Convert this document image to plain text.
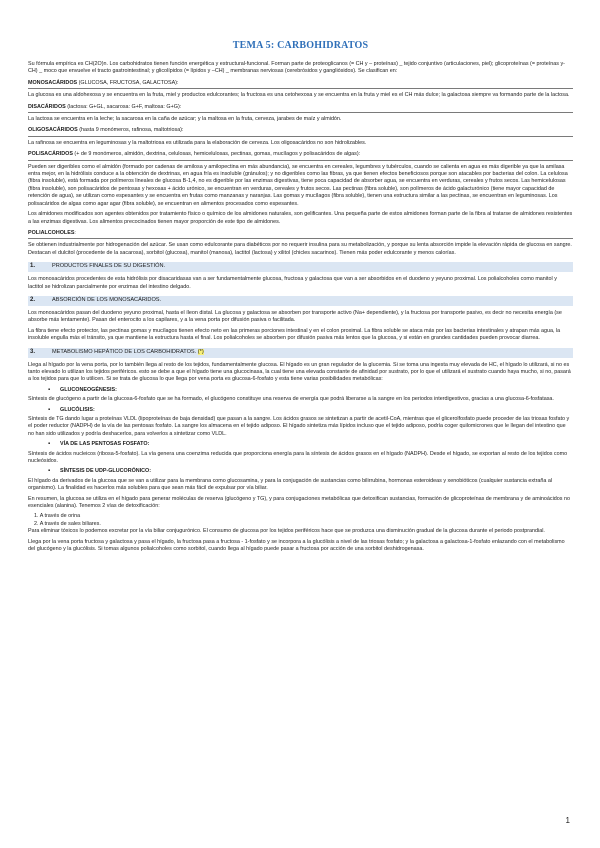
TEMA 5: CARBOHIDRATOS

Su fórmula empírica es CH(2O)n. Los carbohidratos tienen función energética y estructural-funcional. Forman parte de proteoglicanos (= CH y – proteínas) _ tejido conjuntivo (articulaciones, piel); glicoproteínas (= proteínas y- CH) _ moco que envuelve el tracto gastrointestinal; y glicolípidos (= lípidos y –CH) _ membranas nerviosas (cerebrósidos y gangliósidos). Se clasifican en:

MONOSACÁRIDOS (GLUCOSA, FRUCTOSA, GALACTOSA):

La glucosa es una aldohexosa y se encuentra en la fruta, miel y productos edulcorantes; la fructosa es una cetohexosa y se encuentra en la fruta y miel es el CH más dulce; la galactosa siempre va formando parte de la lactosa.

DISACÁRIDOS (lactosa: G+GL, sacarosa: G+F, maltosa: G+G):

La lactosa se encuentra en la leche; la sacarosa en la caña de azúcar; y la maltosa en la fruta, cerveza, jarabes de maíz y almidón.

OLIGOSACÁRIDOS (hasta 9 monómeros, rafinosa, maltotriosa):

La rafinosa se encuentra en leguminosas y la maltotriosa es utilizada para la elaboración de cerveza. Los oligosacáridos no son hidrolizables.

POLISACÁRIDOS (+ de 9 monómeros, almidón, dextrina, celulosas, hemicelulosas, pectinas, gomas, mucílagos y polisacáridos de algas):

Pueden ser digeribles como el almidón (formado por cadenas de amilosa y amilopectina en más abundancia), se encuentra en cereales, legumbres y tubérculos, cuando se calienta en agua es más digerible ya que la amilasa entra mejor, en la hidrólisis conduce a la obtención de dextrinas, en agua fría es insoluble (gránulos); y no digeribles como las fibras, ya que tienen efectos beneficiosos porque son atacables por bacterias del colon. La celulosa (fibra insoluble), está formada por polímeros lineales de glucosa B-1,4, no es digerible por las enzimas digestivas, tiene poca capacidad de absorber agua, se encuentra en verduras, cereales y frutos secos. Las hemicelulosas (fibra insoluble), son polisacáridos de pentosas y hexosas + ácido urónico, se encuentran en verduras, cereales y frutos secos. Las pectinas (fibra soluble), son polímeros de ácido galacturónico (tiene mayor capacidad de retención de agua), se utilizan como espesantes y se encuentra en frutas como manzanas y naranjas. Las gomas y mucílagos (fibra soluble), tienen una estructura similar a las pectinas, se encuentran en leguminosas. Los polisacáridos de algas como agar agar (fibra soluble), se encuentran en alimentos procesados como espesantes.

Los almidones modificados son agentes obtenidos por tratamiento físico o químico de los almidones naturales, son gelificantes. Una pequeña parte de estos almidones forman parte de la fibra al tratarse de almidones resistentes a las enzimas digestivas. Los alimentos precocinados tienen mayor proporción de este tipo de almidones.

POLIALCOHOLES:

Se obtienen industrialmente por hidrogenación del azúcar. Se usan como edulcorante para diabéticos por no requerir insulina para su metabolización, y porque su lenta absorción impide la elevación rápida de glucosa en sangre. Destacan el dulcitol (procedente de la sacarosa), sorbitol (glucosa), manitol (manosa), lactitol (lactosa) y xilitol (chicles sacarinos). Tienen más poder edulcorante y menos calorías.

1.	PRODUCTOS FINALES DE SU DIGESTIÓN.

Los monosacáridos procedentes de esta hidrólisis por disacaridasas van a ser fundamentalmente glucosa, fructosa y galactosa que van a ser absorbidos en el duodeno y yeyuno proximal. Los polialcoholes como manitol y lactitol se hidrolizan parcialmente por enzimas del intestino delgado.

2.	ABSORCIÓN DE LOS MONOSACÁRIDOS.

Los monosacáridos pasan del duodeno yeyuno proximal, hasta el íleon distal. La glucosa y galactosa se absorben por transporte activo (Na+ dependiente), y la fructosa por transporte pasivo, es decir no necesita energía (se absorbe más lentamente). Pasan del enterocito a los capilares, y a la vena porta por difusión pasiva o facilitada.

La fibra tiene efecto protector, las pectinas gomas y mucílagos tienen efecto neto en las primeras porciones intestinal y en el colon proximal. La fibra soluble se ataca más por las bacterias intestinales y atrapan más agua, la insoluble engulla más el tránsito, ya que mantiene la estructura hasta el final. Los polialcoholes se absorben por difusión pasiva más lentos que la glucosa, y si están en grandes cantidades pueden provocar diarrea.

3.	METABOLISMO HEPÁTICO DE LOS CARBOHIDRATOS. (*)

Llega al hígado por la vena porta, por lo también llega al resto de los tejidos, fundamentalmente glucosa. El hígado es un gran regulador de la glucemia. Si se toma una ingesta muy elevada de HC, el hígado lo utilizará, si no es tanto elevado lo utilizan los tejidos periféricos. esto se debe a que el hígado tiene una glucocinasa, la cual tiene una elevada constante de afinidad por sustrato, por lo que el utilizará el sustrato cuando haya mucho, si no, pasará a los tejidos para que lo utilicen. Si se trata de glucosa lo que llega por vena porta es glucosa-6-fosfato y esta tiene varias posibilidades metabólicas:

▪ GLUCONEOGÉNESIS:

Síntesis de glucógeno a partir de la glucosa-6-fosfato que se ha formado, el glucógeno constituye una reserva de energía que podrá liberarse a la sangre en los periodos interdigestivos, gracias a una glucosa-6-fosfatasa.

▪ GLUCÓLISIS:

Síntesis de TG dando lugar a proteínas VLDL (lipoproteínas de baja densidad) que pasan a la sangre. Los ácidos grasos se sintetizan a partir de acetil-CoA, mientras que el glicerolfosfato puede proceder de las triosas fosfato y el poder reductor (NADPH) de la vía de las pentosas fosfato. La sangre los almacena en el tejido adiposo. El hígado sintetiza más lípidos incluso que el tejido adiposo, podría coger quilomicrones que le llegan del intestino que no han sido utilizados y podría deshacerlos, para volverlos a sintetizar como VLDL.

▪ VÍA DE LAS PENTOSAS FOSFATO:

Síntesis de ácidos nucleicos (ribosa-5-fosfato). La vía genera una coenzima reducida que proporciona energía para la síntesis de ácidos grasos en el hígado (NADPH). Desde el hígado, se exportan al resto de los tejidos como nucleósidos.

▪ SÍNTESIS DE UDP-GLUCORÓNICO:

El hígado da derivados de la glucosa que se van a utilizar para la membrana como glucosamina, y para la conjugación de sustancias como bilirrubina, hormonas esteroideas y xenobióticos (cualquier sustancia extraña al organismo). La finalidad es hacerlos más solubles para que sean más fácil de expulsar por vía biliar.

En resumen, la glucosa se utiliza en el hígado para generar moléculas de reserva (glucógeno y TG), y para conjugaciones metabólicas que detoxifican sustancias, formación de glicoproteínas de membrana y de aminoácidos no esenciales (alanina). Tenemos 2 vías de detoxificación:

1. A través de orina
2. A través de sales biliares.

Para eliminar tóxicos lo podemos excretar por la vía biliar conjugurónico. El consumo de glucosa por los tejidos periféricos hace que se produzca una disminución gradual de la glucosa durante el periodo postprandial.

Llega por la vena porta fructosa y galactosa y pasa el hígado, la fructosa pasa a fructosa - 1-fosfato y se incorpora a la glucólisis a nivel de las triosas fosfato; y la galactosa a galactosa-1-fosfato enlazando con el metabolismo del glucógeno y la glucólisis. Si tomas algunos polialcoholes como sorbitol, cuando llega al hígado puede pasar a fructosa por acción de una sorbitol deshidrogenasa.

1
